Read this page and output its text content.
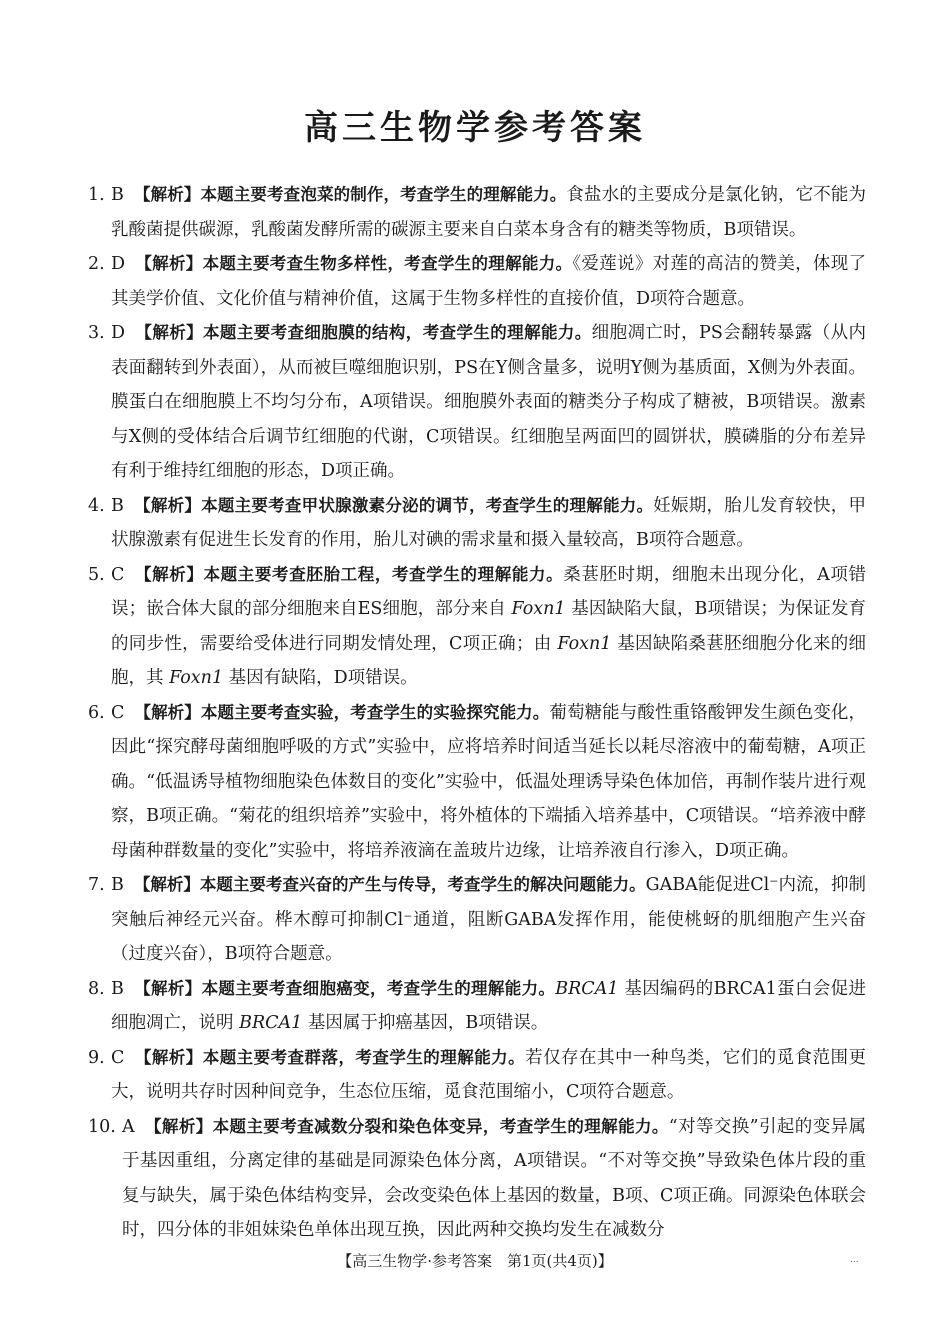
高三生物学参考答案

1. B 【解析】本题主要考查泡菜的制作，考查学生的理解能力。食盐水的主要成分是氯化钠，它不能为乳酸菌提供碳源，乳酸菌发酵所需的碳源主要来自白菜本身含有的糖类等物质，B项错误。

2. D 【解析】本题主要考查生物多样性，考查学生的理解能力。《爱莲说》对莲的高洁的赞美，体现了其美学价值、文化价值与精神价值，这属于生物多样性的直接价值，D项符合题意。

3. D 【解析】本题主要考查细胞膜的结构，考查学生的理解能力。细胞凋亡时，PS会翻转暴露（从内表面翻转到外表面），从而被巨噬细胞识别，PS在Y侧含量多，说明Y侧为基质面，X侧为外表面。膜蛋白在细胞膜上不均匀分布，A项错误。细胞膜外表面的糖类分子构成了糖被，B项错误。激素与X侧的受体结合后调节红细胞的代谢，C项错误。红细胞呈两面凹的圆饼状，膜磷脂的分布差异有利于维持红细胞的形态，D项正确。

4. B 【解析】本题主要考查甲状腺激素分泌的调节，考查学生的理解能力。妊娠期，胎儿发育较快，甲状腺激素有促进生长发育的作用，胎儿对碘的需求量和摄入量较高，B项符合题意。

5. C 【解析】本题主要考查胚胎工程，考查学生的理解能力。桑葚胚时期，细胞未出现分化，A项错误；嵌合体大鼠的部分细胞来自ES细胞，部分来自 Foxn1 基因缺陷大鼠，B项错误；为保证发育的同步性，需要给受体进行同期发情处理，C项正确；由 Foxn1 基因缺陷桑葚胚细胞分化来的细胞，其 Foxn1 基因有缺陷，D项错误。

6. C 【解析】本题主要考查实验，考查学生的实验探究能力。葡萄糖能与酸性重铬酸钾发生颜色变化，因此“探究酵母菌细胞呼吸的方式”实验中，应将培养时间适当延长以耗尽溶液中的葡萄糖，A项正确。“低温诱导植物细胞染色体数目的变化”实验中，低温处理诱导染色体加倍，再制作装片进行观察，B项正确。“菊花的组织培养”实验中，将外植体的下端插入培养基中，C项错误。“培养液中酵母菌种群数量的变化”实验中，将培养液滴在盖玻片边缘，让培养液自行渗入，D项正确。

7. B 【解析】本题主要考查兴奋的产生与传导，考查学生的解决问题能力。GABA能促进Cl⁻内流，抑制突触后神经元兴奋。桦木醇可抑制Cl⁻通道，阻断GABA发挥作用，能使桃蚜的肌细胞产生兴奋（过度兴奋），B项符合题意。

8. B 【解析】本题主要考查细胞癌变，考查学生的理解能力。BRCA1 基因编码的BRCA1蛋白会促进细胞凋亡，说明 BRCA1 基因属于抑癌基因，B项错误。

9. C 【解析】本题主要考查群落，考查学生的理解能力。若仅存在其中一种鸟类，它们的觅食范围更大，说明共存时因种间竞争，生态位压缩，觅食范围缩小，C项符合题意。

10. A 【解析】本题主要考查减数分裂和染色体变异，考查学生的理解能力。“对等交换”引起的变异属于基因重组，分离定律的基础是同源染色体分离，A项错误。“不对等交换”导致染色体片段的重复与缺失，属于染色体结构变异，会改变染色体上基因的数量，B项、C项正确。同源染色体联会时，四分体的非姐妹染色单体出现互换，因此两种交换均发生在减数分

【高三生物学·参考答案　第1页(共4页)】	...
